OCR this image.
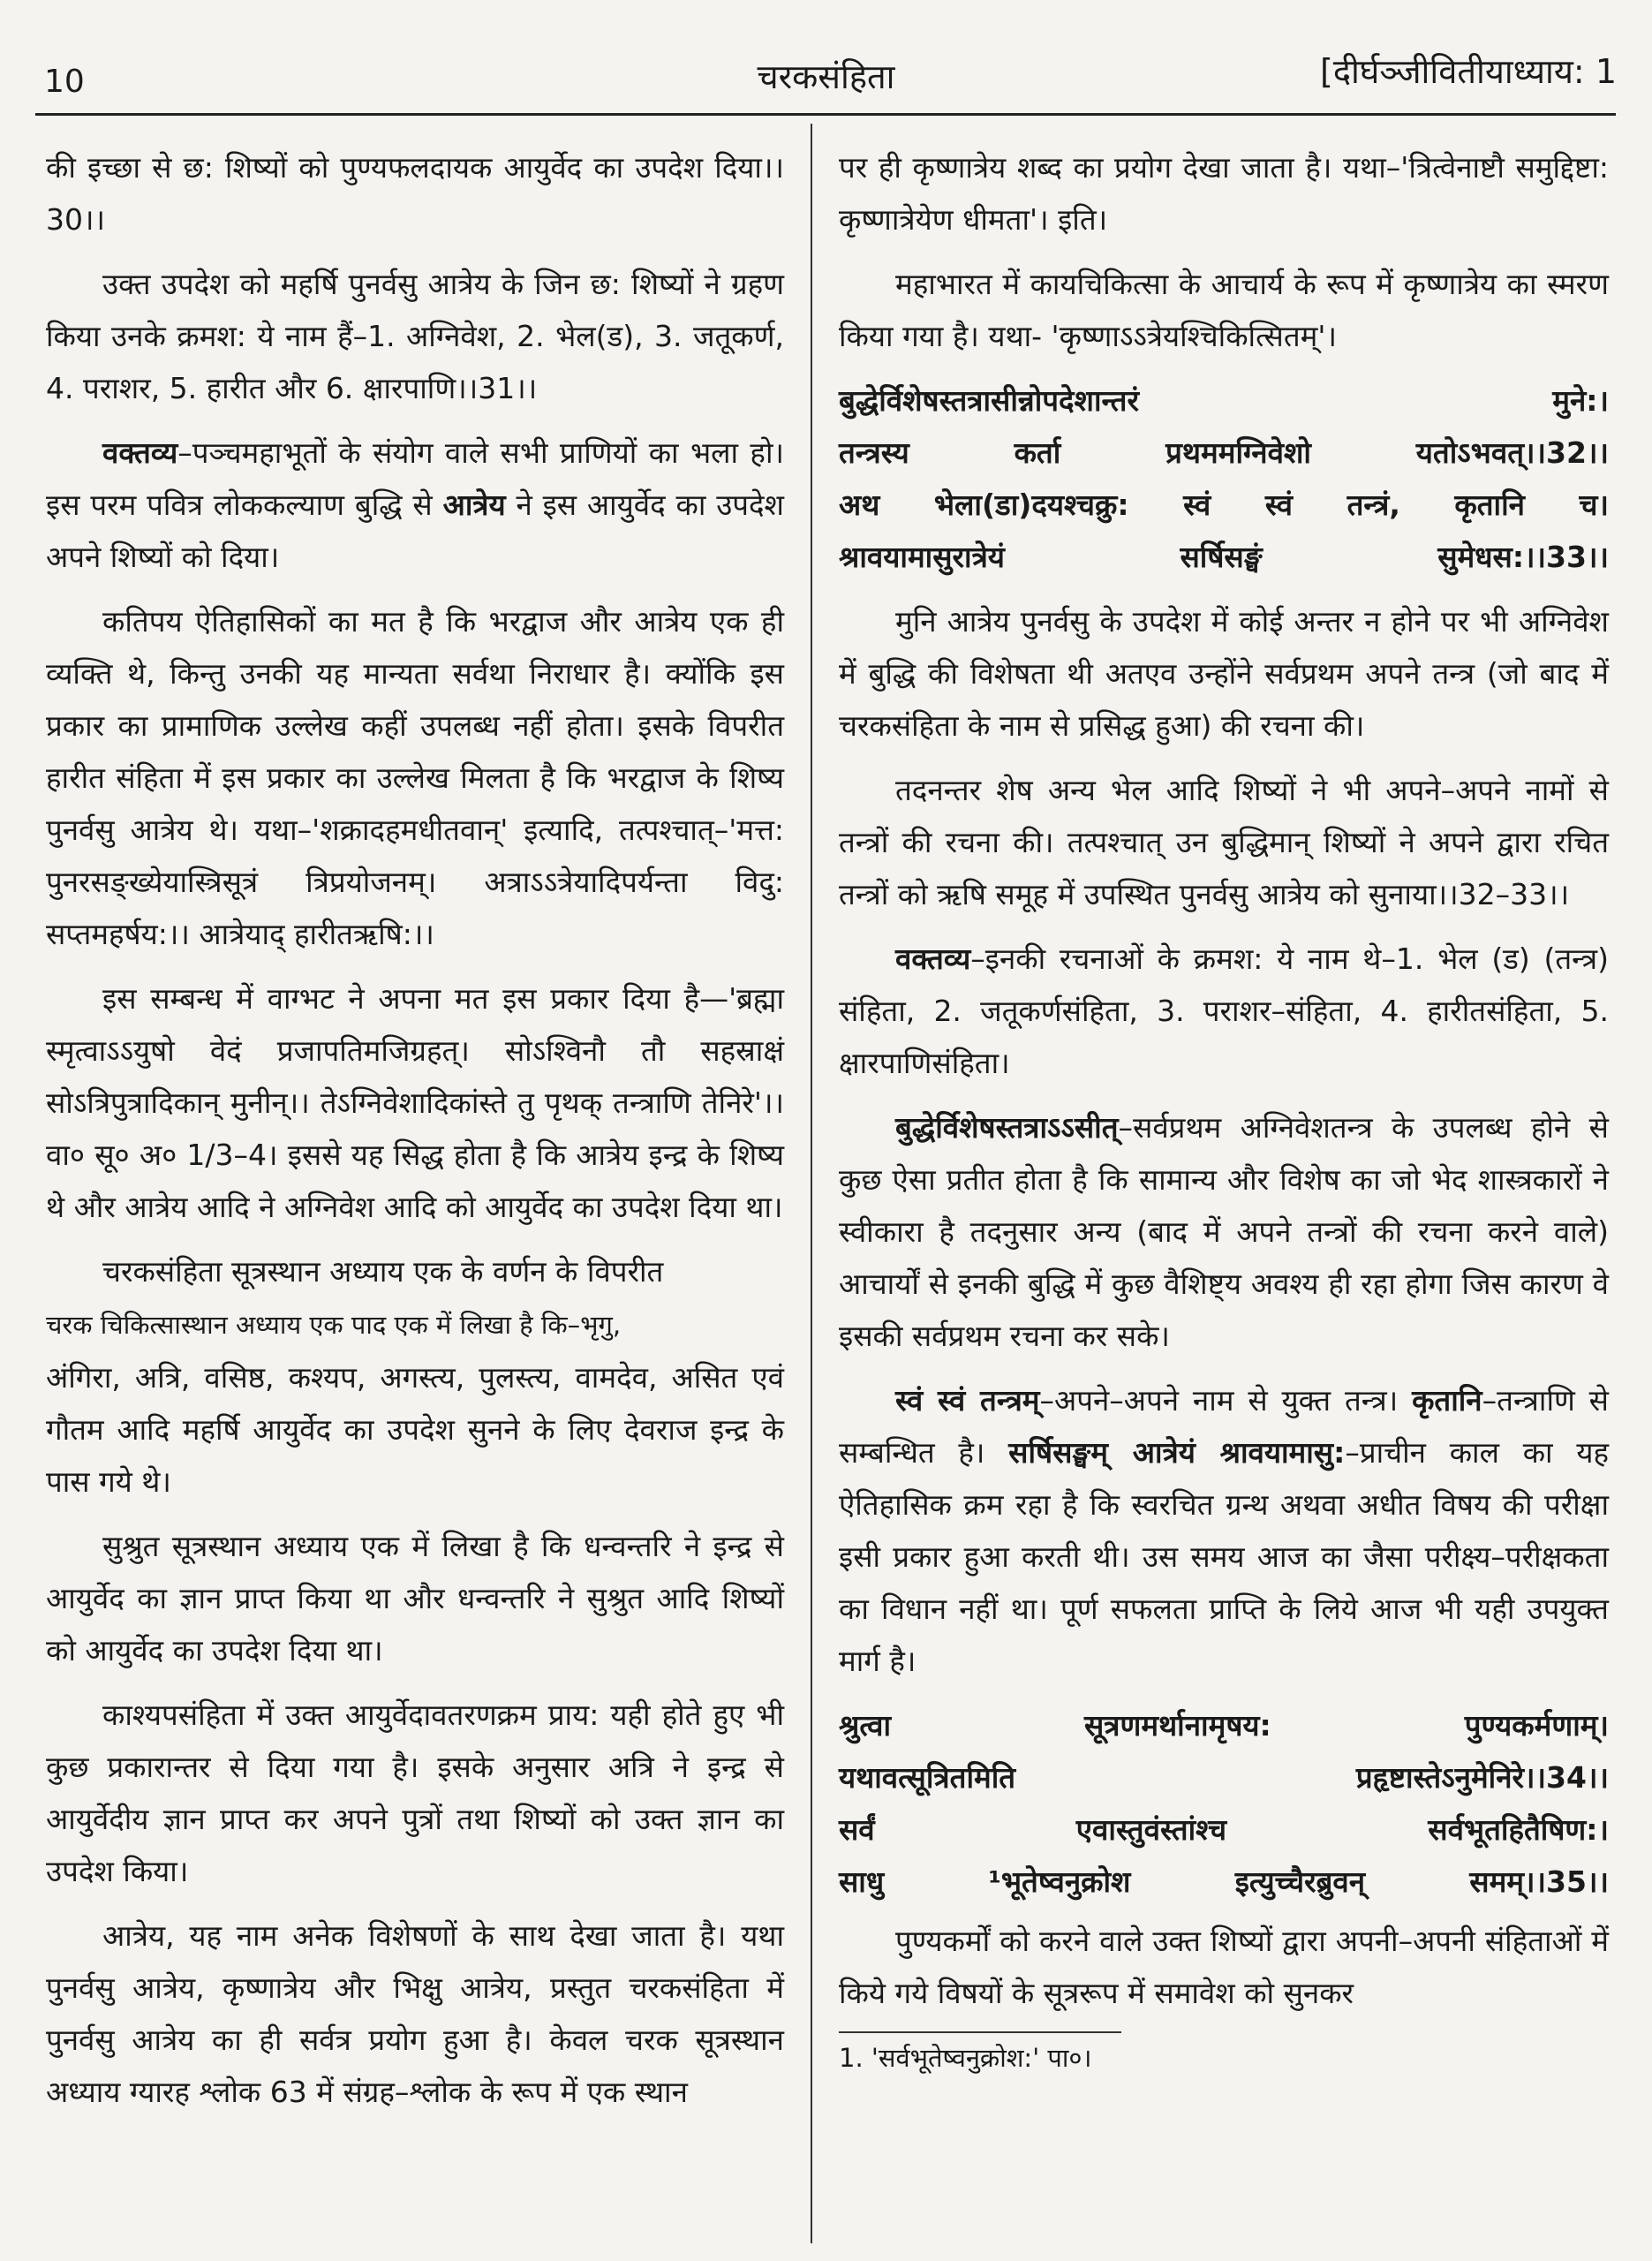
10	चरकसंहिता	[दीर्घञ्जीवितीयाध्याय: 1

की इच्छा से छ: शिष्यों को पुण्यफलदायक आयुर्वेद का उपदेश दिया।।30।।

उक्त उपदेश को महर्षि पुनर्वसु आत्रेय के जिन छ: शिष्यों ने ग्रहण किया उनके क्रमश: ये नाम हैं–1. अग्निवेश, 2. भेल(ड), 3. जतूकर्ण, 4. पराशर, 5. हारीत और 6. क्षारपाणि।।31।।

वक्तव्य–पञ्चमहाभूतों के संयोग वाले सभी प्राणियों का भला हो। इस परम पवित्र लोककल्याण बुद्धि से आत्रेय ने इस आयुर्वेद का उपदेश अपने शिष्यों को दिया।

कतिपय ऐतिहासिकों का मत है कि भरद्वाज और आत्रेय एक ही व्यक्ति थे, किन्तु उनकी यह मान्यता सर्वथा निराधार है। क्योंकि इस प्रकार का प्रामाणिक उल्लेख कहीं उपलब्ध नहीं होता। इसके विपरीत हारीत संहिता में इस प्रकार का उल्लेख मिलता है कि भरद्वाज के शिष्य पुनर्वसु आत्रेय थे। यथा–'शक्रादहमधीतवान्' इत्यादि, तत्पश्चात्–'मत्त: पुनरसङ्ख्येयास्त्रिसूत्रं त्रिप्रयोजनम्। अत्राऽऽत्रेयादिपर्यन्ता विदु: सप्तमहर्षय:।। आत्रेयाद् हारीतऋषि:।।

इस सम्बन्ध में वाग्भट ने अपना मत इस प्रकार दिया है—'ब्रह्मा स्मृत्वाऽऽयुषो वेदं प्रजापतिमजिग्रहत्। सोऽश्विनौ तौ सहस्राक्षं सोऽत्रिपुत्रादिकान् मुनीन्।। तेऽग्निवेशादिकांस्ते तु पृथक् तन्त्राणि तेनिरे'।। वा० सू० अ० 1/3–4। इससे यह सिद्ध होता है कि आत्रेय इन्द्र के शिष्य थे और आत्रेय आदि ने अग्निवेश आदि को आयुर्वेद का उपदेश दिया था।

चरकसंहिता सूत्रस्थान अध्याय एक के वर्णन के विपरीत
चरक चिकित्सास्थान अध्याय एक पाद एक में लिखा है कि–भृगु,
अंगिरा, अत्रि, वसिष्ठ, कश्यप, अगस्त्य, पुलस्त्य, वामदेव, असित एवं गौतम आदि महर्षि आयुर्वेद का उपदेश सुनने के लिए देवराज इन्द्र के पास गये थे।

सुश्रुत सूत्रस्थान अध्याय एक में लिखा है कि धन्वन्तरि ने इन्द्र से आयुर्वेद का ज्ञान प्राप्त किया था और धन्वन्तरि ने सुश्रुत आदि शिष्यों को आयुर्वेद का उपदेश दिया था।

काश्यपसंहिता में उक्त आयुर्वेदावतरणक्रम प्राय: यही होते हुए भी कुछ प्रकारान्तर से दिया गया है। इसके अनुसार अत्रि ने इन्द्र से आयुर्वेदीय ज्ञान प्राप्त कर अपने पुत्रों तथा शिष्यों को उक्त ज्ञान का उपदेश किया।

आत्रेय, यह नाम अनेक विशेषणों के साथ देखा जाता है। यथा पुनर्वसु आत्रेय, कृष्णात्रेय और भिक्षु आत्रेय, प्रस्तुत चरकसंहिता में पुनर्वसु आत्रेय का ही सर्वत्र प्रयोग हुआ है। केवल चरक सूत्रस्थान अध्याय ग्यारह श्लोक 63 में संग्रह–श्लोक के रूप में एक स्थान

पर ही कृष्णात्रेय शब्द का प्रयोग देखा जाता है। यथा–'त्रित्वेनाष्टौ समुद्दिष्टा: कृष्णात्रेयेण धीमता'। इति।

महाभारत में कायचिकित्सा के आचार्य के रूप में कृष्णात्रेय का स्मरण किया गया है। यथा- 'कृष्णाऽऽत्रेयश्चिकित्सितम्'।

बुद्धेर्विशेषस्तत्रासीन्नोपदेशान्तरं मुने:।

तन्त्रस्य कर्ता प्रथममग्निवेशो यतोऽभवत्।।32।।

अथ भेला(डा)दयश्चक्रु: स्वं स्वं तन्त्रं, कृतानि च।

श्रावयामासुरात्रेयं सर्षिसङ्घं सुमेधस:।।33।।

मुनि आत्रेय पुनर्वसु के उपदेश में कोई अन्तर न होने पर भी अग्निवेश में बुद्धि की विशेषता थी अतएव उन्होंने सर्वप्रथम अपने तन्त्र (जो बाद में चरकसंहिता के नाम से प्रसिद्ध हुआ) की रचना की।

तदनन्तर शेष अन्य भेल आदि शिष्यों ने भी अपने–अपने नामों से तन्त्रों की रचना की। तत्पश्चात् उन बुद्धिमान् शिष्यों ने अपने द्वारा रचित तन्त्रों को ऋषि समूह में उपस्थित पुनर्वसु आत्रेय को सुनाया।।32–33।।

वक्तव्य–इनकी रचनाओं के क्रमश: ये नाम थे–1. भेल (ड) (तन्त्र) संहिता, 2. जतूकर्णसंहिता, 3. पराशर–संहिता, 4. हारीतसंहिता, 5. क्षारपाणिसंहिता।

बुद्धेर्विशेषस्तत्राऽऽसीत्–सर्वप्रथम अग्निवेशतन्त्र के उपलब्ध होने से कुछ ऐसा प्रतीत होता है कि सामान्य और विशेष का जो भेद शास्त्रकारों ने स्वीकारा है तदनुसार अन्य (बाद में अपने तन्त्रों की रचना करने वाले) आचार्यों से इनकी बुद्धि में कुछ वैशिष्ट्य अवश्य ही रहा होगा जिस कारण वे इसकी सर्वप्रथम रचना कर सके।

स्वं स्वं तन्त्रम्–अपने–अपने नाम से युक्त तन्त्र। कृतानि–तन्त्राणि से सम्बन्धित है। सर्षिसङ्घम् आत्रेयं श्रावयामासु:–प्राचीन काल का यह ऐतिहासिक क्रम रहा है कि स्वरचित ग्रन्थ अथवा अधीत विषय की परीक्षा इसी प्रकार हुआ करती थी। उस समय आज का जैसा परीक्ष्य–परीक्षकता का विधान नहीं था। पूर्ण सफलता प्राप्ति के लिये आज भी यही उपयुक्त मार्ग है।

श्रुत्वा सूत्रणमर्थानामृषय: पुण्यकर्मणाम्।

यथावत्सूत्रितमिति प्रहृष्टास्तेऽनुमेनिरे।।34।।

सर्वं एवास्तुवंस्तांश्च सर्वभूतहितैषिण:।

साधु ¹भूतेष्वनुक्रोश इत्युच्चैरब्रुवन् समम्।।35।।

पुण्यकर्मों को करने वाले उक्त शिष्यों द्वारा अपनी–अपनी संहिताओं में किये गये विषयों के सूत्ररूप में समावेश को सुनकर

1. 'सर्वभूतेष्वनुक्रोश:' पा०।
